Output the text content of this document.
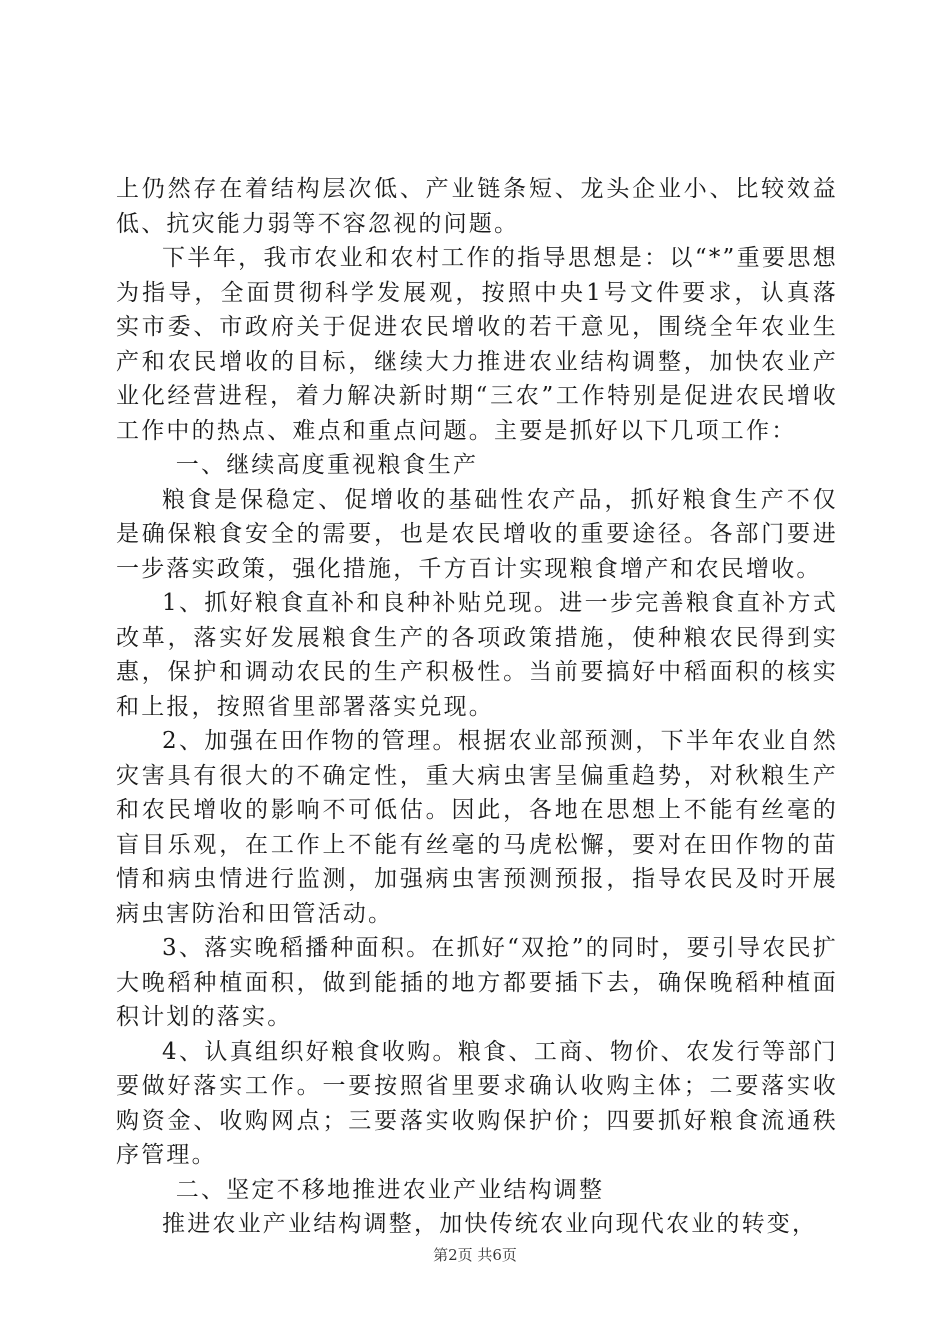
上仍然存在着结构层次低、产业链条短、龙头企业小、比较效益低、抗灾能力弱等不容忽视的问题。

下半年，我市农业和农村工作的指导思想是：以“*”重要思想为指导，全面贯彻科学发展观，按照中央1号文件要求，认真落实市委、市政府关于促进农民增收的若干意见，围绕全年农业生产和农民增收的目标，继续大力推进农业结构调整，加快农业产业化经营进程，着力解决新时期“三农”工作特别是促进农民增收工作中的热点、难点和重点问题。主要是抓好以下几项工作：

一、继续高度重视粮食生产

粮食是保稳定、促增收的基础性农产品，抓好粮食生产不仅是确保粮食安全的需要，也是农民增收的重要途径。各部门要进一步落实政策，强化措施，千方百计实现粮食增产和农民增收。

1、抓好粮食直补和良种补贴兑现。进一步完善粮食直补方式改革，落实好发展粮食生产的各项政策措施，使种粮农民得到实惠，保护和调动农民的生产积极性。当前要搞好中稻面积的核实和上报，按照省里部署落实兑现。

2、加强在田作物的管理。根据农业部预测，下半年农业自然灾害具有很大的不确定性，重大病虫害呈偏重趋势，对秋粮生产和农民增收的影响不可低估。因此，各地在思想上不能有丝毫的盲目乐观，在工作上不能有丝毫的马虎松懈，要对在田作物的苗情和病虫情进行监测，加强病虫害预测预报，指导农民及时开展病虫害防治和田管活动。

3、落实晚稻播种面积。在抓好“双抢”的同时，要引导农民扩大晚稻种植面积，做到能插的地方都要插下去，确保晚稻种植面积计划的落实。

4、认真组织好粮食收购。粮食、工商、物价、农发行等部门要做好落实工作。一要按照省里要求确认收购主体；二要落实收购资金、收购网点；三要落实收购保护价；四要抓好粮食流通秩序管理。

二、坚定不移地推进农业产业结构调整

推进农业产业结构调整，加快传统农业向现代农业的转变，

第2页 共6页
